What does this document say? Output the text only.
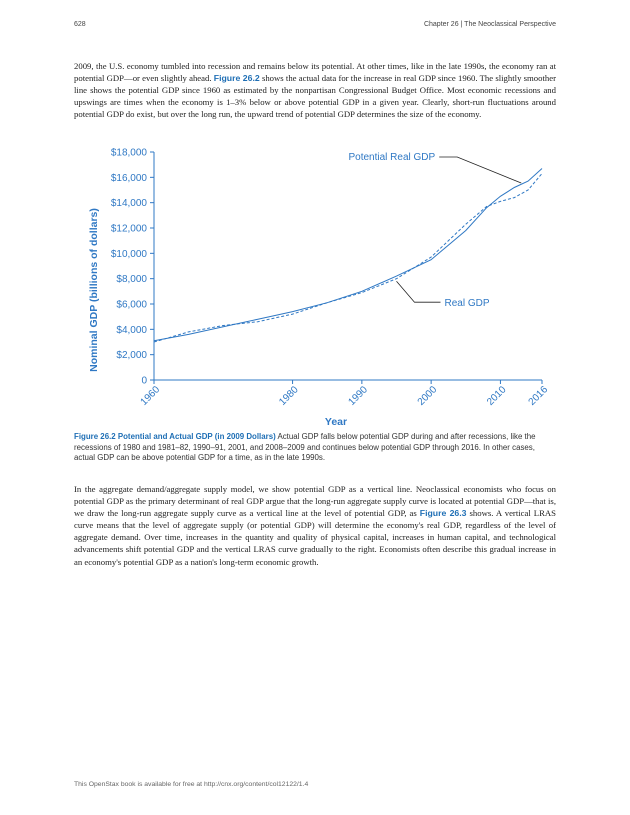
628	Chapter 26 | The Neoclassical Perspective

2009, the U.S. economy tumbled into recession and remains below its potential. At other times, like in the late 1990s, the economy ran at potential GDP—or even slightly ahead. Figure 26.2 shows the actual data for the increase in real GDP since 1960. The slightly smoother line shows the potential GDP since 1960 as estimated by the nonpartisan Congressional Budget Office. Most economic recessions and upswings are times when the economy is 1–3% below or above potential GDP in a given year. Clearly, short-run fluctuations around potential GDP do exist, but over the long run, the upward trend of potential GDP determines the size of the economy.

0
$2,000
$4,000
$6,000
$8,000
$10,000
$12,000
$14,000
$16,000
$18,000
1960	1980	1990	2000	2010 2016
Potential Real GDP
Real GDP
Nominal GDP (billions of dollars)
Year

Figure 26.2 Potential and Actual GDP (in 2009 Dollars) Actual GDP falls below potential GDP during and after recessions, like the recessions of 1980 and 1981–82, 1990–91, 2001, and 2008–2009 and continues below potential GDP through 2016. In other cases, actual GDP can be above potential GDP for a time, as in the late 1990s.

In the aggregate demand/aggregate supply model, we show potential GDP as a vertical line. Neoclassical economists who focus on potential GDP as the primary determinant of real GDP argue that the long-run aggregate supply curve is located at potential GDP—that is, we draw the long-run aggregate supply curve as a vertical line at the level of potential GDP, as Figure 26.3 shows. A vertical LRAS curve means that the level of aggregate supply (or potential GDP) will determine the economy's real GDP, regardless of the level of aggregate demand. Over time, increases in the quantity and quality of physical capital, increases in human capital, and technological advancements shift potential GDP and the vertical LRAS curve gradually to the right. Economists often describe this gradual increase in an economy's potential GDP as a nation's long-term economic growth.

This OpenStax book is available for free at http://cnx.org/content/col12122/1.4
